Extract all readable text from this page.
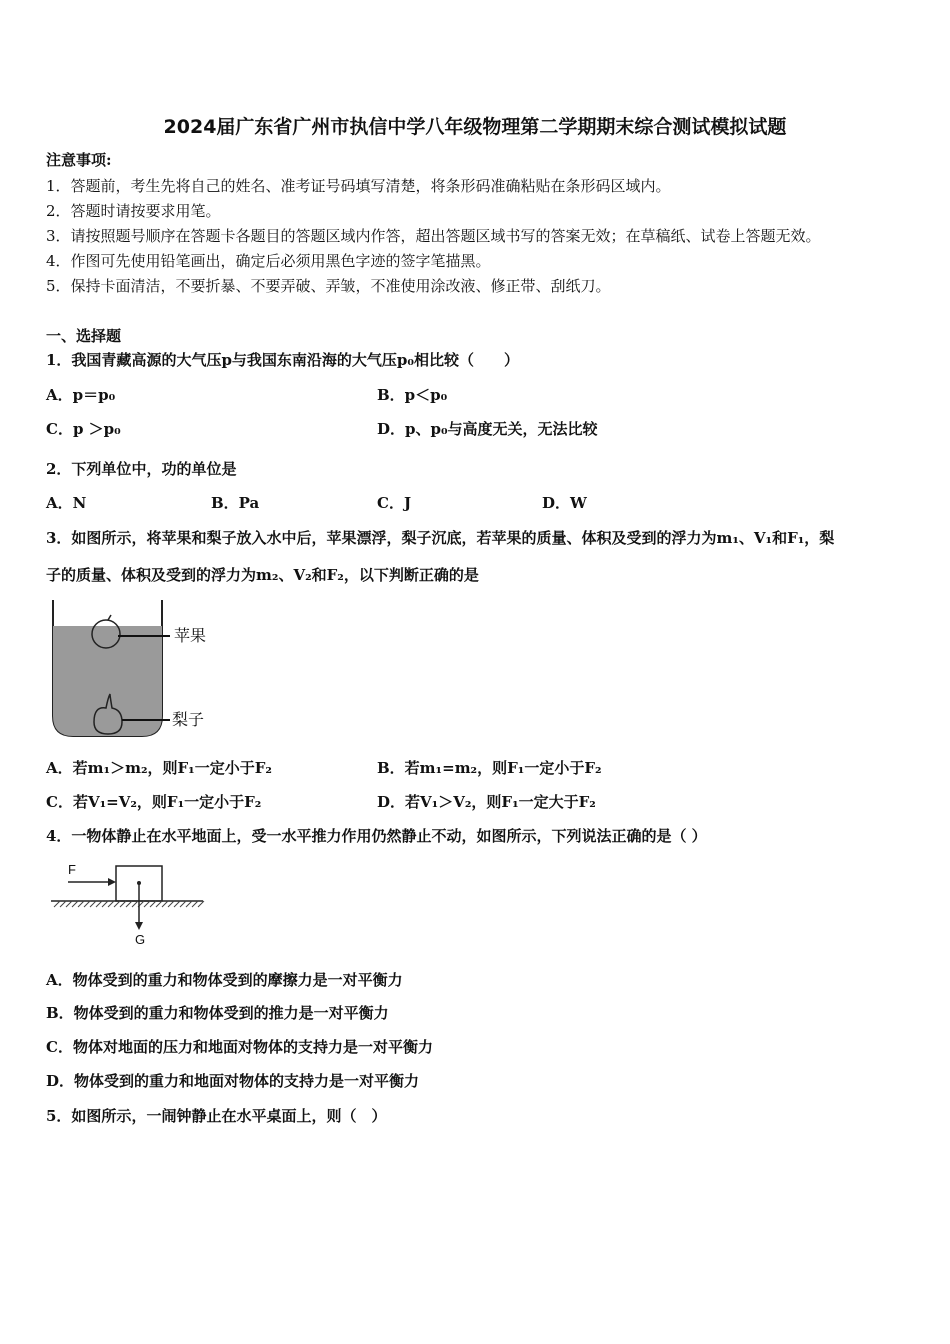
2024届广东省广州市执信中学八年级物理第二学期期末综合测试模拟试题
注意事项:
1．答题前，考生先将自己的姓名、准考证号码填写清楚，将条形码准确粘贴在条形码区域内。
2．答题时请按要求用笔。
3．请按照题号顺序在答题卡各题目的答题区域内作答，超出答题区域书写的答案无效；在草稿纸、试卷上答题无效。
4．作图可先使用铅笔画出，确定后必须用黑色字迹的签字笔描黑。
5．保持卡面清洁，不要折暴、不要弄破、弄皱，不准使用涂改液、修正带、刮纸刀。
一、选择题
1．我国青藏高源的大气压p与我国东南沿海的大气压p₀相比较（　　）
A．p＝p₀	B．p＜p₀
C．p ＞p₀	D．p、p₀与高度无关，无法比较
2．下列单位中，功的单位是
A．N	B．Pa	C．J	D．W
3．如图所示，将苹果和梨子放入水中后，苹果漂浮，梨子沉底，若苹果的质量、体积及受到的浮力为m₁、V₁和F₁，梨
子的质量、体积及受到的浮力为m₂、V₂和F₂，以下判断正确的是
苹果
梨子
A．若m₁＞m₂，则F₁一定小于F₂	B．若m₁=m₂，则F₁一定小于F₂
C．若V₁=V₂，则F₁一定小于F₂	D．若V₁＞V₂，则F₁一定大于F₂
4．一物体静止在水平地面上，受一水平推力作用仍然静止不动，如图所示，下列说法正确的是（ ）
F
G
A．物体受到的重力和物体受到的摩擦力是一对平衡力
B．物体受到的重力和物体受到的推力是一对平衡力
C．物体对地面的压力和地面对物体的支持力是一对平衡力
D．物体受到的重力和地面对物体的支持力是一对平衡力
5．如图所示，一闹钟静止在水平桌面上，则（　）
